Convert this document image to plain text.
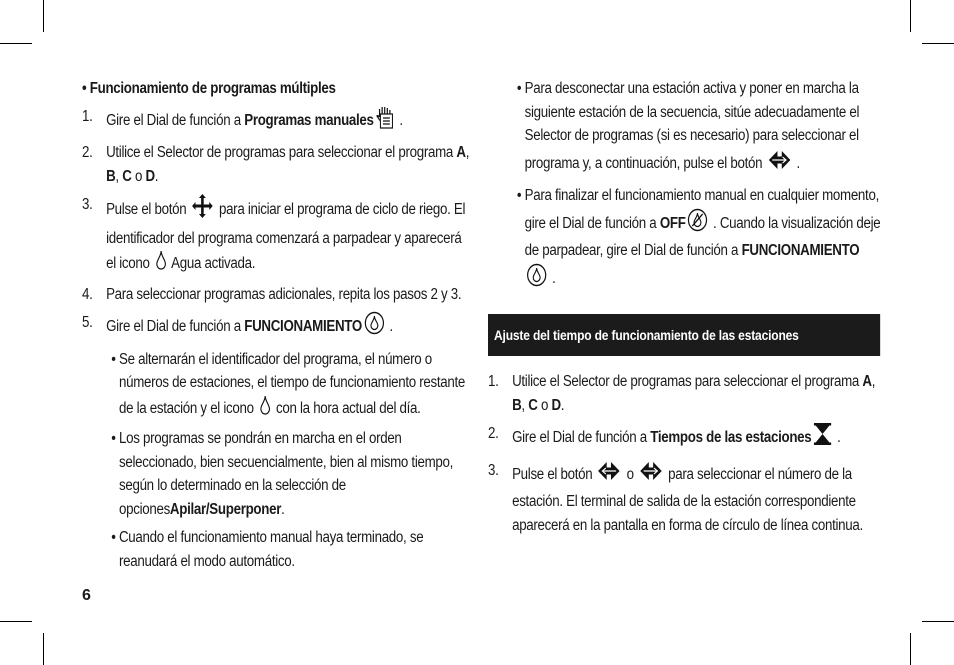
• Funcionamiento de programas múltiples
1. Gire el Dial de función a Programas manuales .
2. Utilice el Selector de programas para seleccionar el programa A, B, C o D.
3. Pulse el botón  para iniciar el programa de ciclo de riego. El identificador del programa comenzará a parpadear y aparecerá el icono  Agua activada.
4. Para seleccionar programas adicionales, repita los pasos 2 y 3.
5. Gire el Dial de función a FUNCIONAMIENTO .
• Se alternarán el identificador del programa, el número o números de estaciones, el tiempo de funcionamiento restante de la estación y el icono  con la hora actual del día.
• Los programas se pondrán en marcha en el orden seleccionado, bien secuencialmente, bien al mismo tiempo, según lo determinado en la selección de opcionesApilar/Superponer.
• Cuando el funcionamiento manual haya terminado, se reanudará el modo automático.
• Para desconectar una estación activa y poner en marcha la siguiente estación de la secuencia, sitúe adecuadamente el Selector de programas (si es necesario) para seleccionar el programa y, a continuación, pulse el botón  .
• Para finalizar el funcionamiento manual en cualquier momento, gire el Dial de función a OFF . Cuando la visualización deje de parpadear, gire el Dial de función a FUNCIONAMIENTO .
Ajuste del tiempo de funcionamiento de las estaciones
1. Utilice el Selector de programas para seleccionar el programa A, B, C o D.
2. Gire el Dial de función a Tiempos de las estaciones .
3. Pulse el botón  o  para seleccionar el número de la estación. El terminal de salida de la estación correspondiente aparecerá en la pantalla en forma de círculo de línea continua.
6
